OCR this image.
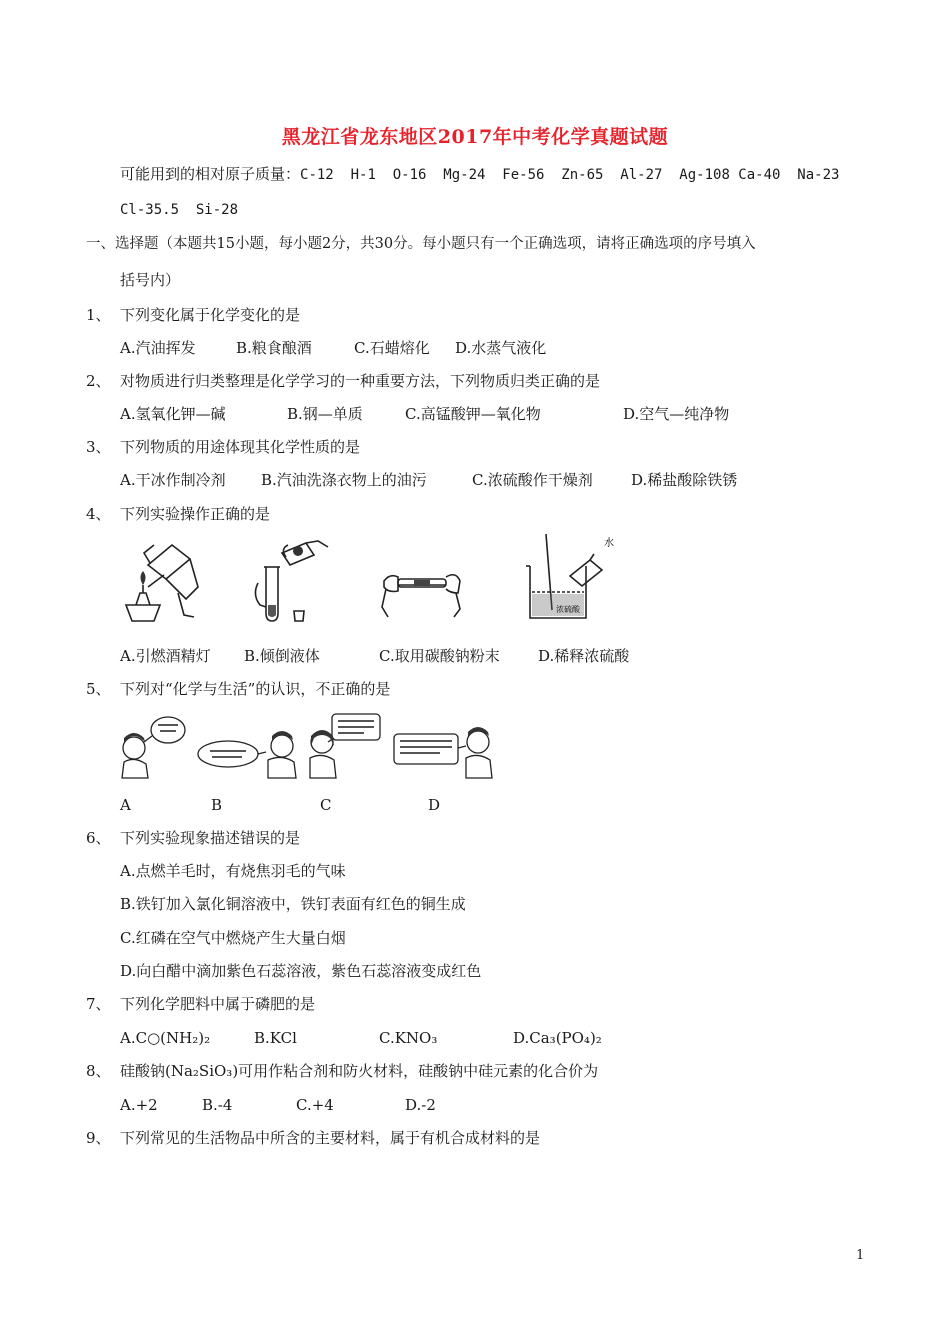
黑龙江省龙东地区2017年中考化学真题试题
可能用到的相对原子质量：C-12  H-1  O-16  Mg-24  Fe-56  Zn-65  Al-27  Ag-108 Ca-40  Na-23
Cl-35.5  Si-28
一、选择题（本题共15小题，每小题2分，共30分。每小题只有一个正确选项，请将正确选项的序号填入
括号内）
1、 下列变化属于化学变化的是
A.汽油挥发	B.粮食酿酒	C.石蜡熔化 D.水蒸气液化
2、 对物质进行归类整理是化学学习的一种重要方法，下列物质归类正确的是
A.氢氧化钾—碱	B.钢—单质	C.高锰酸钾—氧化物	D.空气—纯净物
3、 下列物质的用途体现其化学性质的是
A.干冰作制冷剂 B.汽油洗涤衣物上的油污	C.浓硫酸作干燥剂	D.稀盐酸除铁锈
4、 下列实验操作正确的是
水
浓硫酸
A.引燃酒精灯 B.倾倒液体	C.取用碳酸钠粉末	D.稀释浓硫酸
5、 下列对“化学与生活”的认识，不正确的是
A	B	C	D
6、 下列实验现象描述错误的是
A.点燃羊毛时，有烧焦羽毛的气味
B.铁钉加入氯化铜溶液中，铁钉表面有红色的铜生成
C.红磷在空气中燃烧产生大量白烟
D.向白醋中滴加紫色石蕊溶液，紫色石蕊溶液变成红色
7、 下列化学肥料中属于磷肥的是
A.C○(NH₂)₂	B.KCl	C.KNO₃	D.Ca₃(PO₄)₂
8、 硅酸钠(Na₂SiO₃)可用作粘合剂和防火材料，硅酸钠中硅元素的化合价为
A.+2	B.-4	C.+4	D.-2
9、 下列常见的生活物品中所含的主要材料，属于有机合成材料的是
1
